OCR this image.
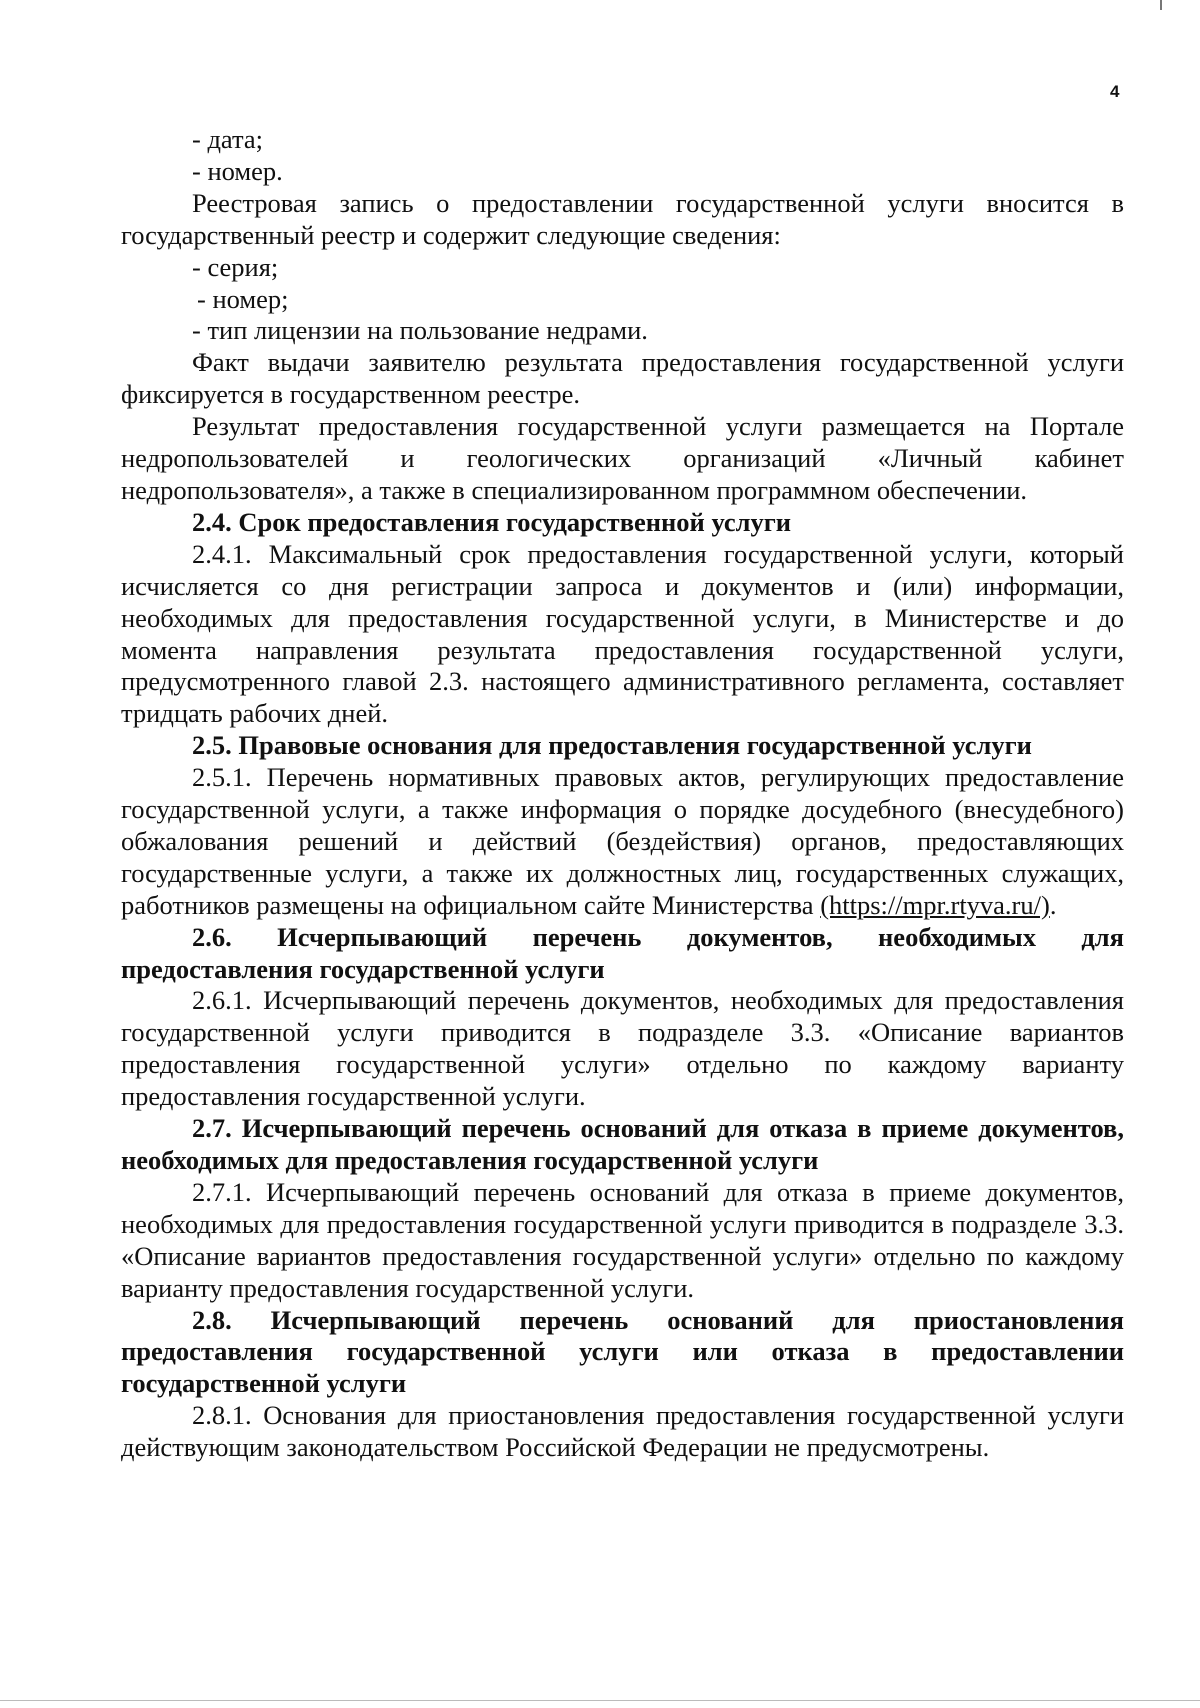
4

- дата;

- номер.

Реестровая запись о предоставлении государственной услуги вносится в государственный реестр и содержит следующие сведения:

- серия;

- номер;

- тип лицензии на пользование недрами.

Факт выдачи заявителю результата предоставления государственной услуги фиксируется в государственном реестре.

Результат предоставления государственной услуги размещается на Портале недропользователей и геологических организаций «Личный кабинет недропользователя», а также в специализированном программном обеспечении.

2.4. Срок предоставления государственной услуги

2.4.1. Максимальный срок предоставления государственной услуги, который исчисляется со дня регистрации запроса и документов и (или) информации, необходимых для предоставления государственной услуги, в Министерстве и до момента направления результата предоставления государственной услуги, предусмотренного главой 2.3. настоящего административного регламента, составляет тридцать рабочих дней.

2.5. Правовые основания для предоставления государственной услуги

2.5.1. Перечень нормативных правовых актов, регулирующих предоставление государственной услуги, а также информация о порядке досудебного (внесудебного) обжалования решений и действий (бездействия) органов, предоставляющих государственные услуги, а также их должностных лиц, государственных служащих, работников размещены на официальном сайте Министерства (https://mpr.rtyva.ru/).

2.6. Исчерпывающий перечень документов, необходимых для предоставления государственной услуги

2.6.1. Исчерпывающий перечень документов, необходимых для предоставления государственной услуги приводится в подразделе 3.3. «Описание вариантов предоставления государственной услуги» отдельно по каждому варианту предоставления государственной услуги.

2.7. Исчерпывающий перечень оснований для отказа в приеме документов, необходимых для предоставления государственной услуги

2.7.1. Исчерпывающий перечень оснований для отказа в приеме документов, необходимых для предоставления государственной услуги приводится в подразделе 3.3. «Описание вариантов предоставления государственной услуги» отдельно по каждому варианту предоставления государственной услуги.

2.8. Исчерпывающий перечень оснований для приостановления предоставления государственной услуги или отказа в предоставлении государственной услуги

2.8.1. Основания для приостановления предоставления государственной услуги действующим законодательством Российской Федерации не предусмотрены.
